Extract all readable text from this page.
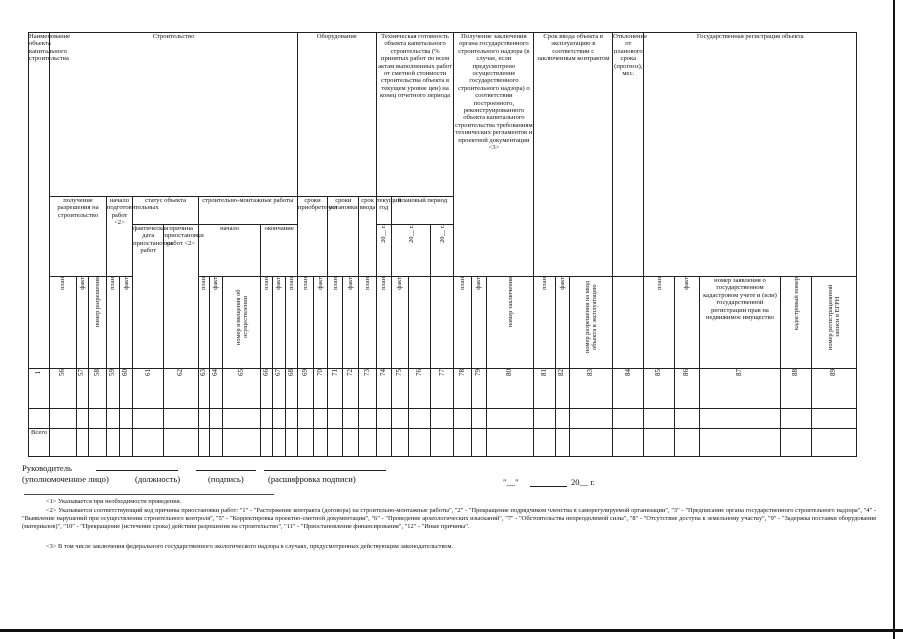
Наименование объекта капитального строительства	Строительство													Оборудование					Техническая готовность объекта капитального строительства (% принятых работ по всем актам выполненных работ от сметной стоимости строительства объекта в текущем уровне цен) на конец отчетного периода				Получение заключения органа государственного строительного надзора (в случае, если предусмотрено осуществление государственного строительного надзора) о соответствии построенного, реконструированного объекта капитального строительства требованиям технических регламентов и проектной документации <3>			Срок ввода объекта в эксплуатацию в соответствии с заключенным контрактом			Отклонение от планового срока (прогноз), мес.	Государственная регистрация объекта				
	получение разрешения на строительство			начало подготовительных работ <2>		статус объекта		строительно-монтажные работы						сроки приобретения		сроки установки		срок ввода	текущий год	плановый период														
						фактическая дата приостановки работ	причина приостановки работ <2>	начало			окончание								20__ г.	20__ г.		20__ г.												
	план	факт	номер разрешения	план	факт			план	факт	номер извещения об осуществлении	план	факт	план	план	факт	план	факт	план	план	факт			план	факт	номер заключения	план	факт	номер разрешения на ввод объекта в эксплуатацию		план	факт	номер заявления о государственном кадастровом учете и (или) государственной регистрации прав на недвижимое имущество	кадастровый номер	номер регистрационной записи в ЕГРН
1	56	57	58	59	60	61	62	63	64	65	66	67	68	69	70	71	72	73	74	75	76	77	78	79	80	81	82	83	84	85	86	87	88	89

Всего																																		
Руководитель
(уполномоченное лицо)	(должность)	(подпись)	(расшифровка подписи)	"__"	20__ г.
<1> Указывается при необходимости проведения.
<2> Указывается соответствующий код причины приостановки работ: "1" - "Расторжение контракта (договора) на строительно-монтажные работы", "2" - "Прекращение подрядчиком членства в саморегулируемой организации", "3" - "Предписание органа государственного строительного надзора", "4" - "Выявление нарушений при осуществлении строительного контроля", "5" - "Корректировка проектно-сметной документации", "6" - "Проведение археологических изысканий", "7" - "Обстоятельства непреодолимой силы", "8" - "Отсутствие доступа к земельному участку", "9" - "Задержка поставки оборудования (материалов)", "10" - "Прекращение (истечение срока) действия разрешения на строительство", "11" - "Приостановление финансирования", "12" - "Иные причины".
<3> В том числе заключения федерального государственного экологического надзора в случаях, предусмотренных действующим законодательством.
